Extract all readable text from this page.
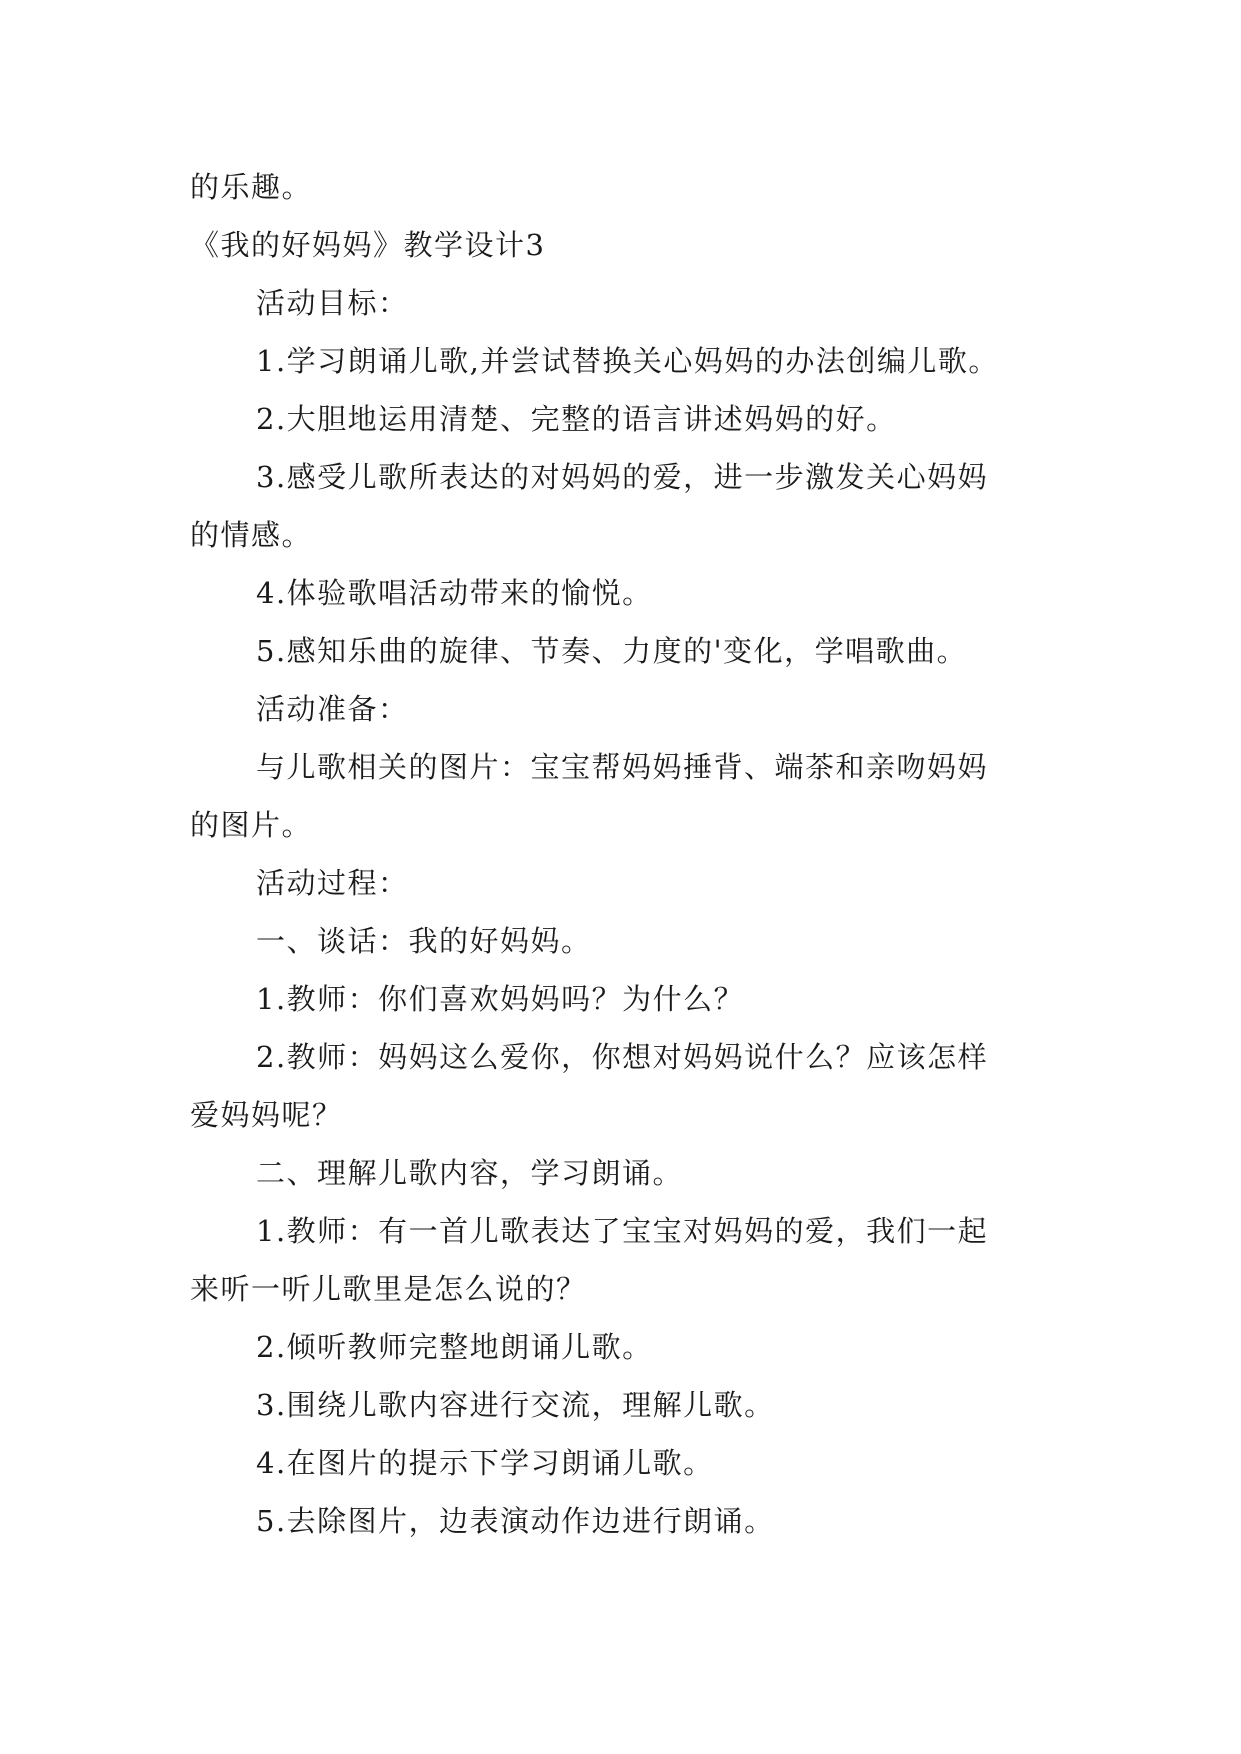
的乐趣。
《我的好妈妈》教学设计3
活动目标：
1.学习朗诵儿歌,并尝试替换关心妈妈的办法创编儿歌。
2.大胆地运用清楚、完整的语言讲述妈妈的好。
3.感受儿歌所表达的对妈妈的爱，进一步激发关心妈妈
的情感。
4.体验歌唱活动带来的愉悦。
5.感知乐曲的旋律、节奏、力度的'变化，学唱歌曲。
活动准备：
与儿歌相关的图片：宝宝帮妈妈捶背、端茶和亲吻妈妈
的图片。
活动过程：
一、谈话：我的好妈妈。
1.教师：你们喜欢妈妈吗？为什么？
2.教师：妈妈这么爱你，你想对妈妈说什么？应该怎样
爱妈妈呢？
二、理解儿歌内容，学习朗诵。
1.教师：有一首儿歌表达了宝宝对妈妈的爱，我们一起
来听一听儿歌里是怎么说的？
2.倾听教师完整地朗诵儿歌。
3.围绕儿歌内容进行交流，理解儿歌。
4.在图片的提示下学习朗诵儿歌。
5.去除图片，边表演动作边进行朗诵。
